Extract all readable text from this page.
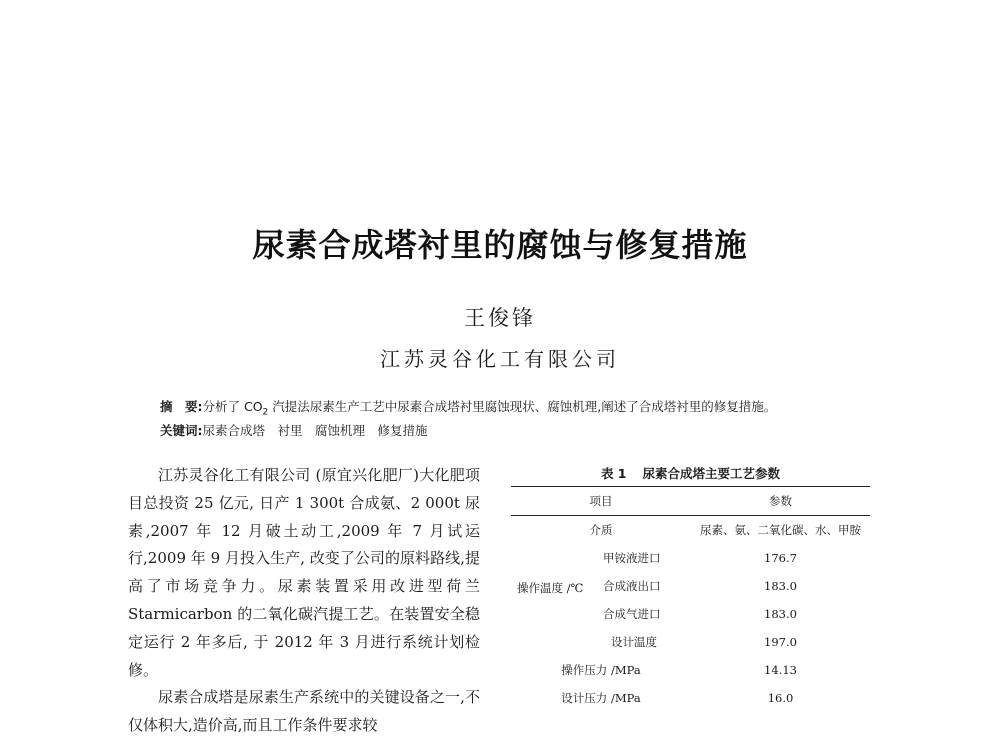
尿素合成塔衬里的腐蚀与修复措施
王俊锋
江苏灵谷化工有限公司
摘　要:分析了 $CO_2$ 汽提法尿素生产工艺中尿素合成塔衬里腐蚀现状、腐蚀机理,阐述了合成塔衬里的修复措施。
关键词:尿素合成塔　衬里　腐蚀机理　修复措施

江苏灵谷化工有限公司 (原宜兴化肥厂)大化肥项目总投资 25 亿元, 日产 1 300t 合成氨、2 000t 尿素,2007 年 12 月破土动工,2009 年 7 月试运行,2009 年 9 月投入生产, 改变了公司的原料路线,提高了市场竞争力。尿素装置采用改进型荷兰 Starmicarbon 的二氧化碳汽提工艺。在装置安全稳定运行 2 年多后, 于 2012 年 3 月进行系统计划检修。

尿素合成塔是尿素生产系统中的关键设备之一,不仅体积大,造价高,而且工作条件要求较

表 1 尿素合成塔主要工艺参数
项目	参数
介质	尿素、氨、二氧化碳、水、甲胺

操作温度 /℃
甲铵液进口	176.7

合成液出口	183.0

合成气进口	183.0

设计温度	197.0
操作压力 /MPa	14.13
设计压力 /MPa	16.0
